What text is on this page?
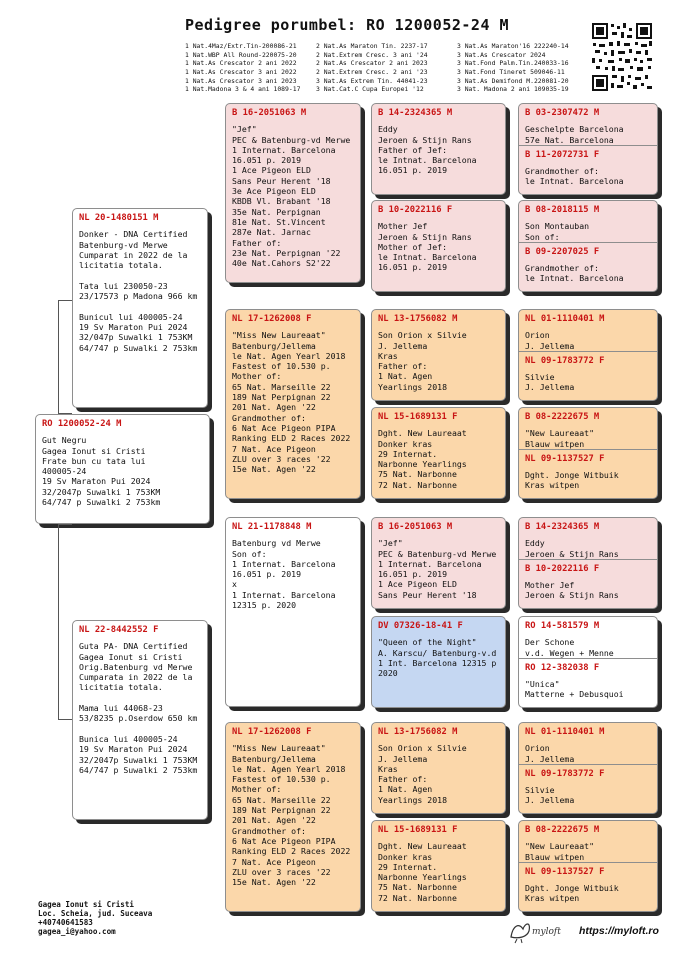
Pedigree porumbel: RO 1200052-24 M
1 Nat.4Maz/Extr.Tin-200086-21
1 Nat.WBP All Round-220075-20
1 Nat.As Crescator 2 ani 2022
1 Nat.As Crescator 3 ani 2022
1 Nat.As Crescator 3 ani 2023
1 Nat.Madona 3 & 4 ani 1089-17
2 Nat.As Maraton Tin. 2237-17
2 Nat.Extrem Cresc. 3 ani '24
2 Nat.As Crescator 2 ani 2023
2 Nat.Extrem Cresc. 2 ani '23
3 Nat.As Extrem Tin. 44041-23
3 Nat.Cat.C Cupa Europei '12
3 Nat.As Maraton'16 222240-14
3 Nat.As Crescator 2024
3 Nat.Fond Palm.Tin.240033-16
3 Nat.Fond Tineret 509046-11
3 Nat.As Demifond M.220081-20
3 Nat. Madona 2 ani 109035-19
RO 1200052-24 M
Gut Negru
Gagea Ionut si Cristi
Frate bun cu tata lui
400005-24
19 Sv Maraton Pui 2024
32/2047p Suwalki 1 753KM
64/747 p Suwalki 2 753km
NL 20-1480151 M
Donker - DNA Certified
Batenburg-vd Merwe
Cumparat in 2022 de la
licitatia totala.
Tata lui 230050-23
23/17573 p Madona 966 km
Bunicul lui 400005-24
19 Sv Maraton Pui 2024
32/047p Suwalki 1 753KM
64/747 p Suwalki 2 753km
NL 22-8442552 F
Guta PA- DNA Certified
Gagea Ionut si Cristi
Orig.Batenburg vd Merwe
Cumparata in 2022 de la
licitatia totala.
Mama lui 44068-23
53/8235 p.Oserdow 650 km
Bunica lui 400005-24
19 Sv Maraton Pui 2024
32/2047p Suwalki 1 753KM
64/747 p Suwalki 2 753km
B 16-2051063 M
"Jef"
PEC & Batenburg-vd Merwe
1 Internat. Barcelona
16.051 p. 2019
1 Ace Pigeon ELD
Sans Peur Herent '18
3e Ace Pigeon ELD
KBDB Vl. Brabant '18
35e Nat. Perpignan
81e Nat. St.Vincent
287e Nat. Jarnac
Father of:
23e Nat. Perpignan '22
40e Nat.Cahors S2'22
NL 17-1262008 F
"Miss New Laureaat"
Batenburg/Jellema
le Nat. Agen Yearl 2018
Fastest of 10.530 p.
Mother of:
65 Nat. Marseille 22
189 Nat Perpignan 22
201 Nat. Agen '22
Grandmother of:
6 Nat Ace Pigeon PIPA
Ranking ELD 2 Races 2022
7 Nat. Ace Pigeon
ZLU over 3 races '22
15e Nat. Agen '22
NL 21-1178848 M
Batenburg vd Merwe
Son of:
1 Internat. Barcelona
16.051 p. 2019
x
1 Internat. Barcelona
12315 p. 2020
NL 17-1262008 F
"Miss New Laureaat"
Batenburg/Jellema
le Nat. Agen Yearl 2018
Fastest of 10.530 p.
Mother of:
65 Nat. Marseille 22
189 Nat Perpignan 22
201 Nat. Agen '22
Grandmother of:
6 Nat Ace Pigeon PIPA
Ranking ELD 2 Races 2022
7 Nat. Ace Pigeon
ZLU over 3 races '22
15e Nat. Agen '22
B 14-2324365 M
Eddy
Jeroen & Stijn Rans
Father of Jef:
le Intnat. Barcelona
16.051 p. 2019
B 10-2022116 F
Mother Jef
Jeroen & Stijn Rans
Mother of Jef:
le Intnat. Barcelona
16.051 p. 2019
NL 13-1756082 M
Son Orion x Silvie
J. Jellema
Kras
Father of:
1 Nat. Agen
Yearlings 2018
NL 15-1689131 F
Dght. New Laureaat
Donker kras
29 Internat.
Narbonne Yearlings
75 Nat. Narbonne
72 Nat. Narbonne
B 16-2051063 M
"Jef"
PEC & Batenburg-vd Merwe
1 Internat. Barcelona
16.051 p. 2019
1 Ace Pigeon ELD
Sans Peur Herent '18
DV 07326-18-41 F
"Queen of the Night"
A. Karscu/ Batenburg-v.d
1 Int. Barcelona 12315 p
2020
NL 13-1756082 M
Son Orion x Silvie
J. Jellema
Kras
Father of:
1 Nat. Agen
Yearlings 2018
NL 15-1689131 F
Dght. New Laureaat
Donker kras
29 Internat.
Narbonne Yearlings
75 Nat. Narbonne
72 Nat. Narbonne
B 03-2307472 M
Geschelpte Barcelona
57e Nat. Barcelona
B 11-2072731 F
Grandmother of:
le Intnat. Barcelona
B 08-2018115 M
Son Montauban
Son of:
B 09-2207025 F
Grandmother of:
le Intnat. Barcelona
NL 01-1110401 M
Orion
J. Jellema
NL 09-1783772 F
Silvie
J. Jellema
B 08-2222675 M
"New Laureaat"
Blauw witpen
NL 09-1137527 F
Dght. Jonge Witbuik
Kras witpen
B 14-2324365 M
Eddy
Jeroen & Stijn Rans
B 10-2022116 F
Mother Jef
Jeroen & Stijn Rans
RO 14-581579 M
Der Schone
v.d. Wegen + Menne
RO 12-382038 F
"Unica"
Matterne + Debusquoi
NL 01-1110401 M
Orion
J. Jellema
NL 09-1783772 F
Silvie
J. Jellema
B 08-2222675 M
"New Laureaat"
Blauw witpen
NL 09-1137527 F
Dght. Jonge Witbuik
Kras witpen
Gagea Ionut si Cristi
Loc. Scheia, jud. Suceava
+40740641583
gagea_i@yahoo.com	myloft https://myloft.ro
